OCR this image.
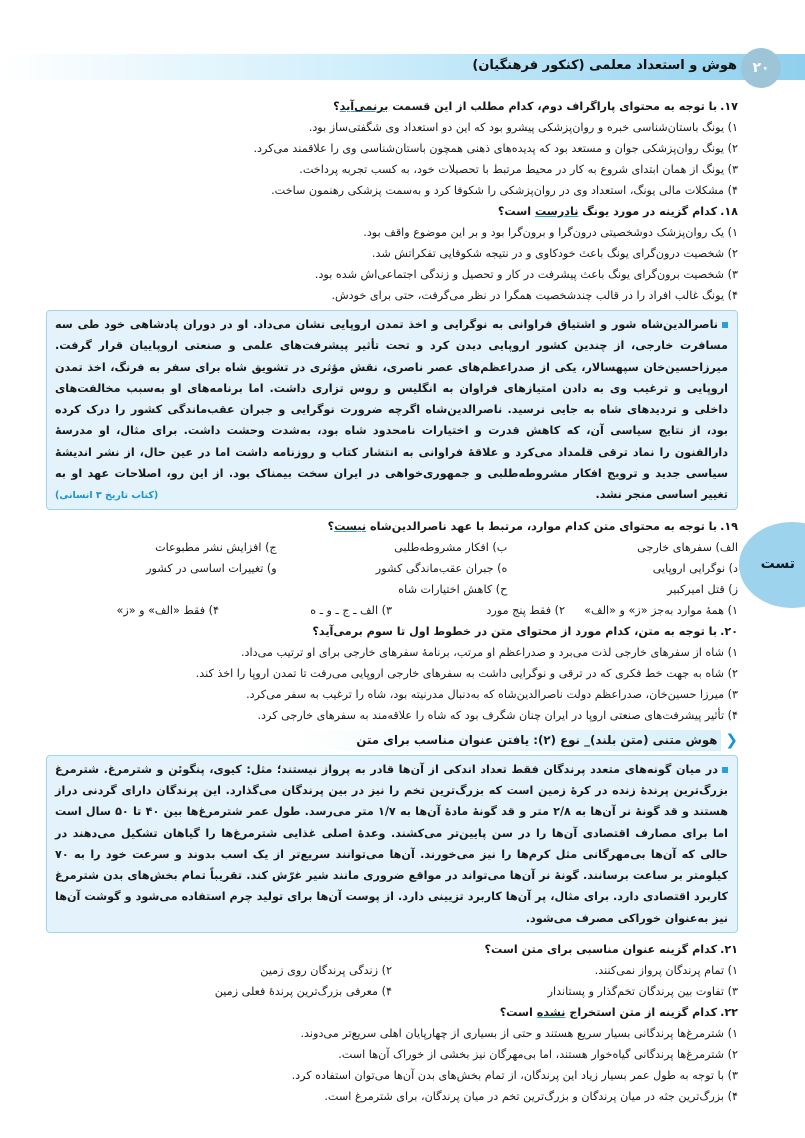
هوش و استعداد معلمی (کنکور فرهنگیان)	۲۰
تست
۱۷.با توجه به محتوای پاراگراف دوم، کدام مطلب از این قسمت برنمی‌آید؟
۱) یونگ باستان‌شناسی خبره و روان‌پزشکی پیشرو بود که این دو استعداد وی شگفتی‌ساز بود.
۲) یونگ روان‌پزشکی جوان و مستعد بود که پدیده‌های ذهنی همچون باستان‌شناسی وی را علاقمند می‌کرد.
۳) یونگ از همان ابتدای شروع به کار در محیط مرتبط با تحصیلات خود، به کسب تجربه پرداخت.
۴) مشکلات مالی یونگ، استعداد وی در روان‌پزشکی را شکوفا کرد و به‌سمت پزشکی رهنمون ساخت.
۱۸.کدام گزینه در مورد یونگ نادرست است؟
۱) یک روان‌پزشک دوشخصیتی درون‌گرا و برون‌گرا بود و بر این موضوع واقف بود.
۲) شخصیت درون‌گرای یونگ باعث خودکاوی و در نتیجه شکوفایی تفکراتش شد.
۳) شخصیت برون‌گرای یونگ باعث پیشرفت در کار و تحصیل و زندگی اجتماعی‌اش شده بود.
۴) یونگ غالب افراد را در قالب چندشخصیت همگرا در نظر می‌گرفت، حتی برای خودش.
ناصرالدین‌شاه شور و اشتیاق فراوانی به نوگرایی و اخذ تمدن اروپایی نشان می‌داد. او در دوران پادشاهی خود طی سه مسافرت خارجی، از چندین کشور اروپایی دیدن کرد و تحت تأثیر پیشرفت‌های علمی و صنعتی اروپاییان قرار گرفت. میرزاحسین‌خان سپهسالار، یکی از صدراعظم‌های عصر ناصری، نقش مؤثری در تشویق شاه برای سفر به فرنگ، اخذ تمدن اروپایی و ترغیب وی به دادن امتیازهای فراوان به انگلیس و روس تزاری داشت. اما برنامه‌های او به‌سبب مخالفت‌های داخلی و تردیدهای شاه به جایی نرسید. ناصرالدین‌شاه اگرچه ضرورت نوگرایی و جبران عقب‌ماندگی کشور را درک کرده بود، از نتایج سیاسی آن، که کاهش قدرت و اختیارات نامحدود شاه بود، به‌شدت وحشت داشت. برای مثال، او مدرسهٔ دارالفنون را نماد ترقی قلمداد می‌کرد و علاقهٔ فراوانی به انتشار کتاب و روزنامه داشت اما در عین حال، از نشر اندیشهٔ سیاسی جدید و ترویج افکار مشروطه‌طلبی و جمهوری‌خواهی در ایران سخت بیمناک بود. از این رو، اصلاحات عهد او به تغییر اساسی منجر نشد.
(کتاب تاریخ ۳ انسانی)
۱۹.با توجه به محتوای متن کدام موارد، مرتبط با عهد ناصرالدین‌شاه نیست؟
الف) سفرهای خارجی
ب) افکار مشروطه‌طلبی
ج) افزایش نشر مطبوعات
د) نوگرایی اروپایی
ه) جبران عقب‌ماندگی کشور
و) تغییرات اساسی در کشور
ز) قتل امیرکبیر
ح) کاهش اختیارات شاه
۱) همهٔ موارد به‌جز «ز» و «الف»
۲) فقط پنج مورد
۳) الف ـ ج ـ و ـ ه
۴) فقط «الف» و «ز»
۲۰.با توجه به متن، کدام مورد از محتوای متن در خطوط اول تا سوم برمی‌آید؟
۱) شاه از سفرهای خارجی لذت می‌برد و صدراعظم او مرتب، برنامهٔ سفرهای خارجی برای او ترتیب می‌داد.
۲) شاه به جهت خط فکری که در ترقی و نوگرایی داشت به سفرهای خارجی اروپایی می‌رفت تا تمدن اروپا را اخذ کند.
۳) میرزا حسین‌خان، صدراعظم دولت ناصرالدین‌شاه که به‌دنبال مدرنیته بود، شاه را ترغیب به سفر می‌کرد.
۴) تأثیر پیشرفت‌های صنعتی اروپا در ایران چنان شگرف بود که شاه را علاقه‌مند به سفرهای خارجی کرد.
❮
هوش متنی (متن بلند)_ نوع (۲): یافتن عنوان مناسب برای متن
در میان گونه‌های متعدد پرندگان فقط تعداد اندکی از آن‌ها قادر به پرواز نیستند؛ مثل: کیوی، پنگوئن و شترمرغ. شترمرغ بزرگ‌ترین پرندهٔ زنده در کرهٔ زمین است که بزرگ‌ترین تخم را نیز در بین پرندگان می‌گذارد. این پرندگان دارای گردنی دراز هستند و قد گونهٔ نر آن‌ها به ۲/۸ متر و قد گونهٔ مادهٔ آن‌ها به ۱/۷ متر می‌رسد. طول عمر شترمرغ‌ها بین ۴۰ تا ۵۰ سال است اما برای مصارف اقتصادی آن‌ها را در سن پایین‌تر می‌کشند. وعدهٔ اصلی غذایی شترمرغ‌ها را گیاهان تشکیل می‌دهند در حالی که آن‌ها بی‌مهرگانی مثل کرم‌ها را نیز می‌خورند. آن‌ها می‌توانند سریع‌تر از یک اسب بدوند و سرعت خود را به ۷۰ کیلومتر بر ساعت برسانند. گونهٔ نر آن‌ها می‌تواند در مواقع ضروری مانند شیر غرّش کند. تقریباً تمام بخش‌های بدن شترمرغ کاربرد اقتصادی دارد. برای مثال، پر آن‌ها کاربرد تزیینی دارد. از پوست آن‌ها برای تولید چرم استفاده می‌شود و گوشت آن‌ها نیز به‌عنوان خوراکی مصرف می‌شود.
۲۱.کدام گزینه عنوان مناسبی برای متن است؟
۱) تمام پرندگان پرواز نمی‌کنند.
۲) زندگی پرندگان روی زمین
۳) تفاوت بین پرندگان تخم‌گذار و پستاندار
۴) معرفی بزرگ‌ترین پرندهٔ فعلی زمین
۲۲.کدام گزینه از متن استخراج نشده است؟
۱) شترمرغ‌ها پرندگانی بسیار سریع هستند و حتی از بسیاری از چهارپایان اهلی سریع‌تر می‌دوند.
۲) شترمرغ‌ها پرندگانی گیاه‌خوار هستند، اما بی‌مهرگان نیز بخشی از خوراک آن‌ها است.
۳) با توجه به طول عمر بسیار زیاد این پرندگان، از تمام بخش‌های بدن آن‌ها می‌توان استفاده کرد.
۴) بزرگ‌ترین جثه در میان پرندگان و بزرگ‌ترین تخم در میان پرندگان، برای شترمرغ است.
